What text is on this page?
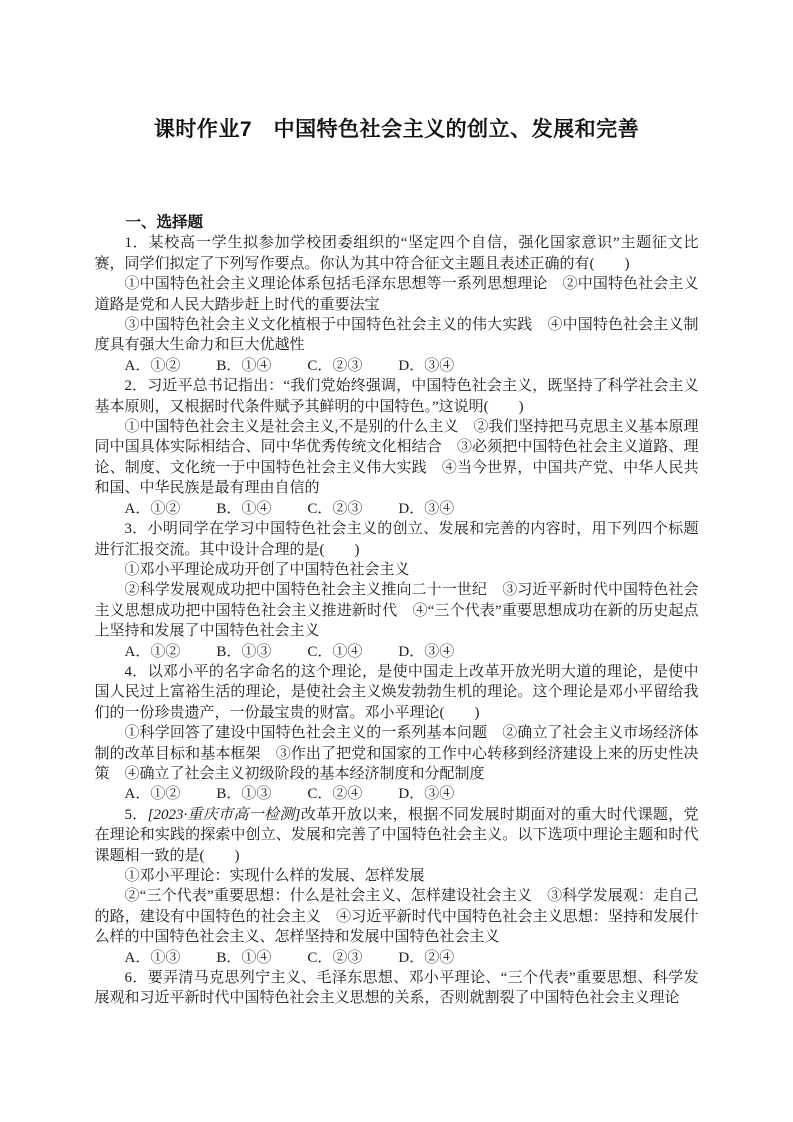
课时作业7　中国特色社会主义的创立、发展和完善
一、选择题

1．某校高一学生拟参加学校团委组织的“坚定四个自信，强化国家意识”主题征文比赛，同学们拟定了下列写作要点。你认为其中符合征文主题且表述正确的有(　　)

①中国特色社会主义理论体系包括毛泽东思想等一系列思想理论　②中国特色社会主义道路是党和人民大踏步赶上时代的重要法宝

③中国特色社会主义文化植根于中国特色社会主义的伟大实践　④中国特色社会主义制度具有强大生命力和巨大优越性

A．①② B．①④ C．②③ D．③④

2．习近平总书记指出：“我们党始终强调，中国特色社会主义，既坚持了科学社会主义基本原则，又根据时代条件赋予其鲜明的中国特色。”这说明(　　)

①中国特色社会主义是社会主义,不是别的什么主义　②我们坚持把马克思主义基本原理同中国具体实际相结合、同中华优秀传统文化相结合　③必须把中国特色社会主义道路、理论、制度、文化统一于中国特色社会主义伟大实践　④当今世界，中国共产党、中华人民共和国、中华民族是最有理由自信的

A．①② B．①④ C．②③ D．③④

3．小明同学在学习中国特色社会主义的创立、发展和完善的内容时，用下列四个标题进行汇报交流。其中设计合理的是(　　)

①邓小平理论成功开创了中国特色社会主义

②科学发展观成功把中国特色社会主义推向二十一世纪　③习近平新时代中国特色社会主义思想成功把中国特色社会主义推进新时代　④“三个代表”重要思想成功在新的历史起点上坚持和发展了中国特色社会主义

A．①② B．①③ C．①④ D．③④

4．以邓小平的名字命名的这个理论，是使中国走上改革开放光明大道的理论，是使中国人民过上富裕生活的理论，是使社会主义焕发勃勃生机的理论。这个理论是邓小平留给我们的一份珍贵遗产，一份最宝贵的财富。邓小平理论(　　)

①科学回答了建设中国特色社会主义的一系列基本问题　②确立了社会主义市场经济体制的改革目标和基本框架　③作出了把党和国家的工作中心转移到经济建设上来的历史性决策　④确立了社会主义初级阶段的基本经济制度和分配制度

A．①② B．①③ C．②④ D．③④

5．[2023·重庆市高一检测]改革开放以来，根据不同发展时期面对的重大时代课题，党在理论和实践的探索中创立、发展和完善了中国特色社会主义。以下选项中理论主题和时代课题相一致的是(　　)

①邓小平理论：实现什么样的发展、怎样发展

②“三个代表”重要思想：什么是社会主义、怎样建设社会主义　③科学发展观：走自己的路，建设有中国特色的社会主义　④习近平新时代中国特色社会主义思想：坚持和发展什么样的中国特色社会主义、怎样坚持和发展中国特色社会主义

A．①③ B．①④ C．②③ D．②④

6．要弄清马克思列宁主义、毛泽东思想、邓小平理论、“三个代表”重要思想、科学发展观和习近平新时代中国特色社会主义思想的关系，否则就割裂了中国特色社会主义理论
